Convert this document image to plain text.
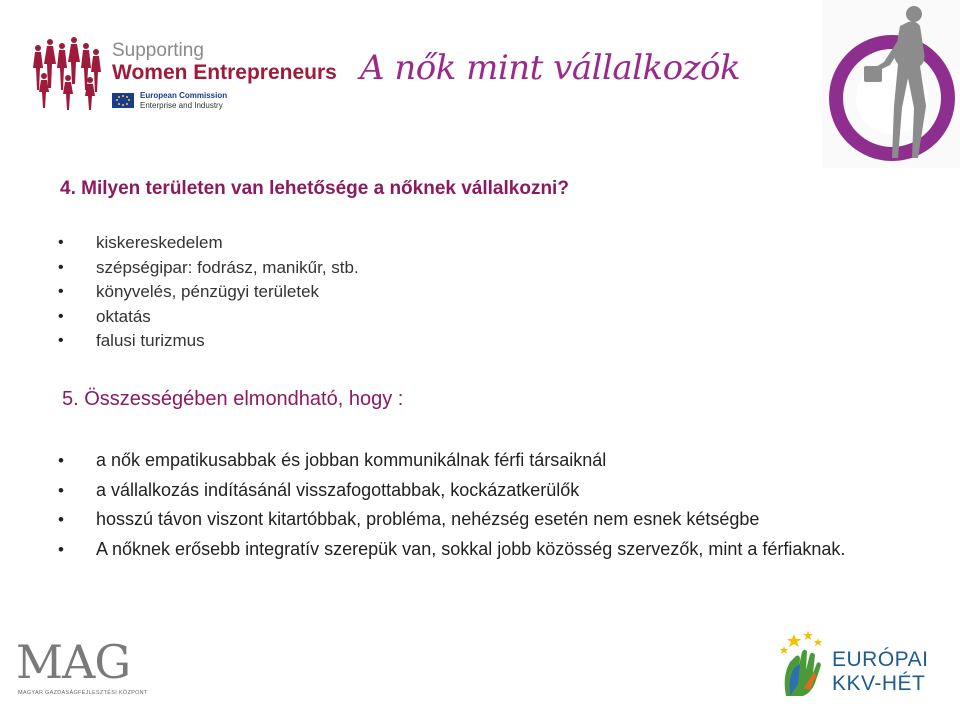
Supporting
Women Entrepreneurs
European Commission
Enterprise and Industry
A nők mint vállalkozók
4. Milyen területen van lehetősége a nőknek vállalkozni?
• kiskereskedelem
• szépségipar: fodrász, manikűr, stb.
• könyvelés, pénzügyi területek
• oktatás
• falusi turizmus
5. Összességében elmondható, hogy :
• a nők empatikusabbak és jobban kommunikálnak férfi társaiknál
• a vállalkozás indításánál visszafogottabbak, kockázatkerülők
• hosszú távon viszont kitartóbbak, probléma, nehézség esetén nem esnek kétségbe
• A nőknek erősebb integratív szerepük van, sokkal jobb közösség szervezők, mint a férfiaknak.
MAG
MAGYAR GAZDASÁGFEJLESZTÉSI KÖZPONT
EURÓPAI
KKV-HÉT
